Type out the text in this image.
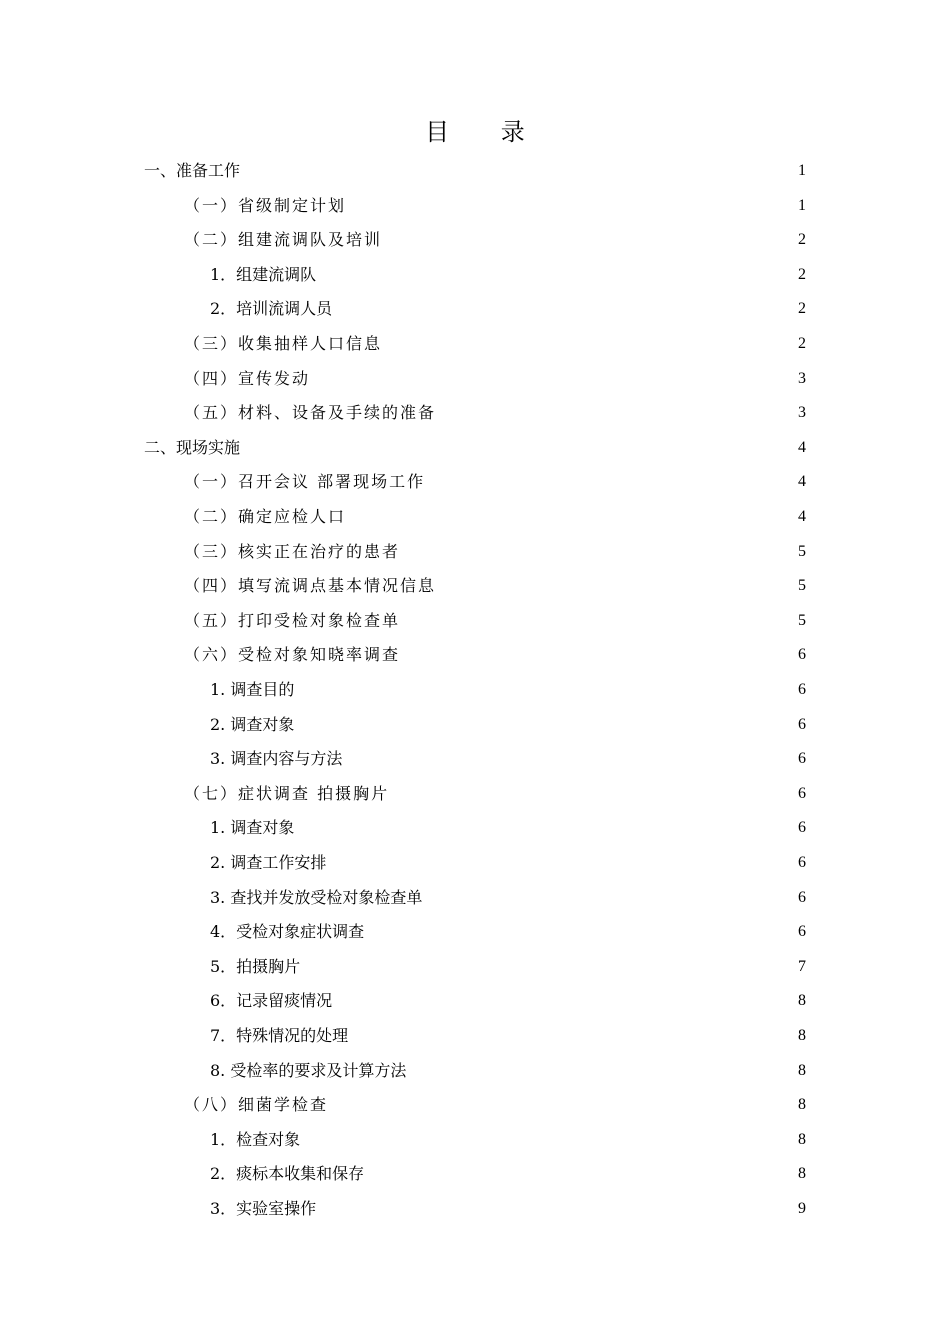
目 录
一、准备工作	1
（一）省级制定计划	1
（二）组建流调队及培训	2
1．组建流调队	2
2．培训流调人员	2
（三）收集抽样人口信息	2
（四）宣传发动	3
（五）材料、设备及手续的准备	3
二、现场实施	4
（一）召开会议 部署现场工作	4
（二）确定应检人口	4
（三）核实正在治疗的患者	5
（四）填写流调点基本情况信息	5
（五）打印受检对象检查单	5
（六）受检对象知晓率调查	6
1. 调查目的	6
2. 调查对象	6
3. 调查内容与方法	6
（七）症状调查 拍摄胸片	6
1. 调查对象	6
2. 调查工作安排	6
3. 查找并发放受检对象检查单	6
4．受检对象症状调查	6
5．拍摄胸片	7
6．记录留痰情况	8
7．特殊情况的处理	8
8. 受检率的要求及计算方法	8
（八）细菌学检查	8
1．检查对象	8
2．痰标本收集和保存	8
3．实验室操作	9
